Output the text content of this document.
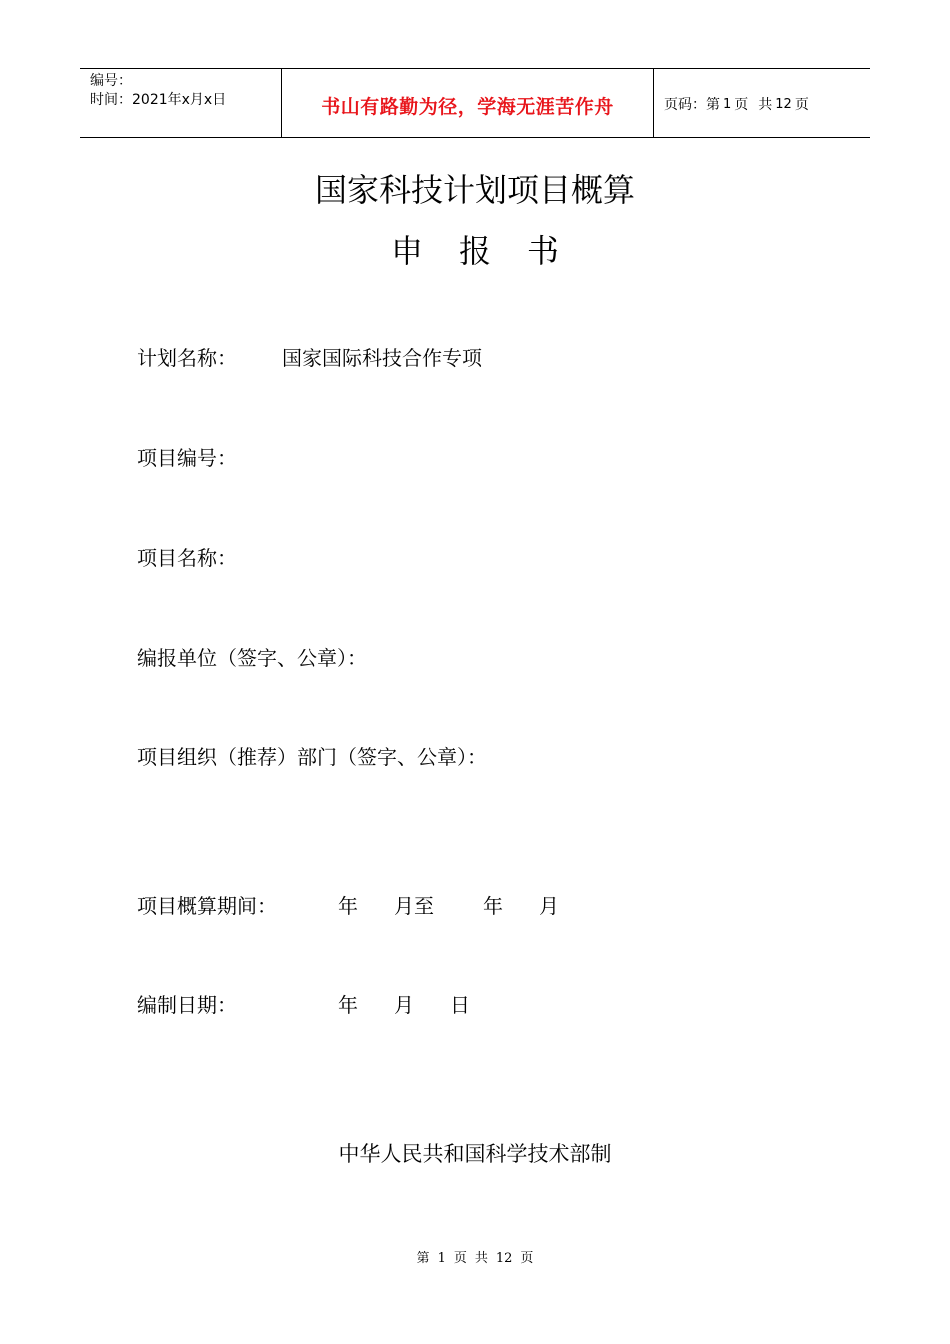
编号：
时间：2021年x月x日	书山有路勤为径，学海无涯苦作舟	页码：第 1 页 共 12 页
国家科技计划项目概算
申报书
计划名称： 国家国际科技合作专项
项目编号：
项目名称：
编报单位（签字、公章）：
项目组织（推荐）部门（签字、公章）：
项目概算期间：	年 月至 年 月
编制日期：	年 月 日
中华人民共和国科学技术部制
第 1 页 共 12 页
